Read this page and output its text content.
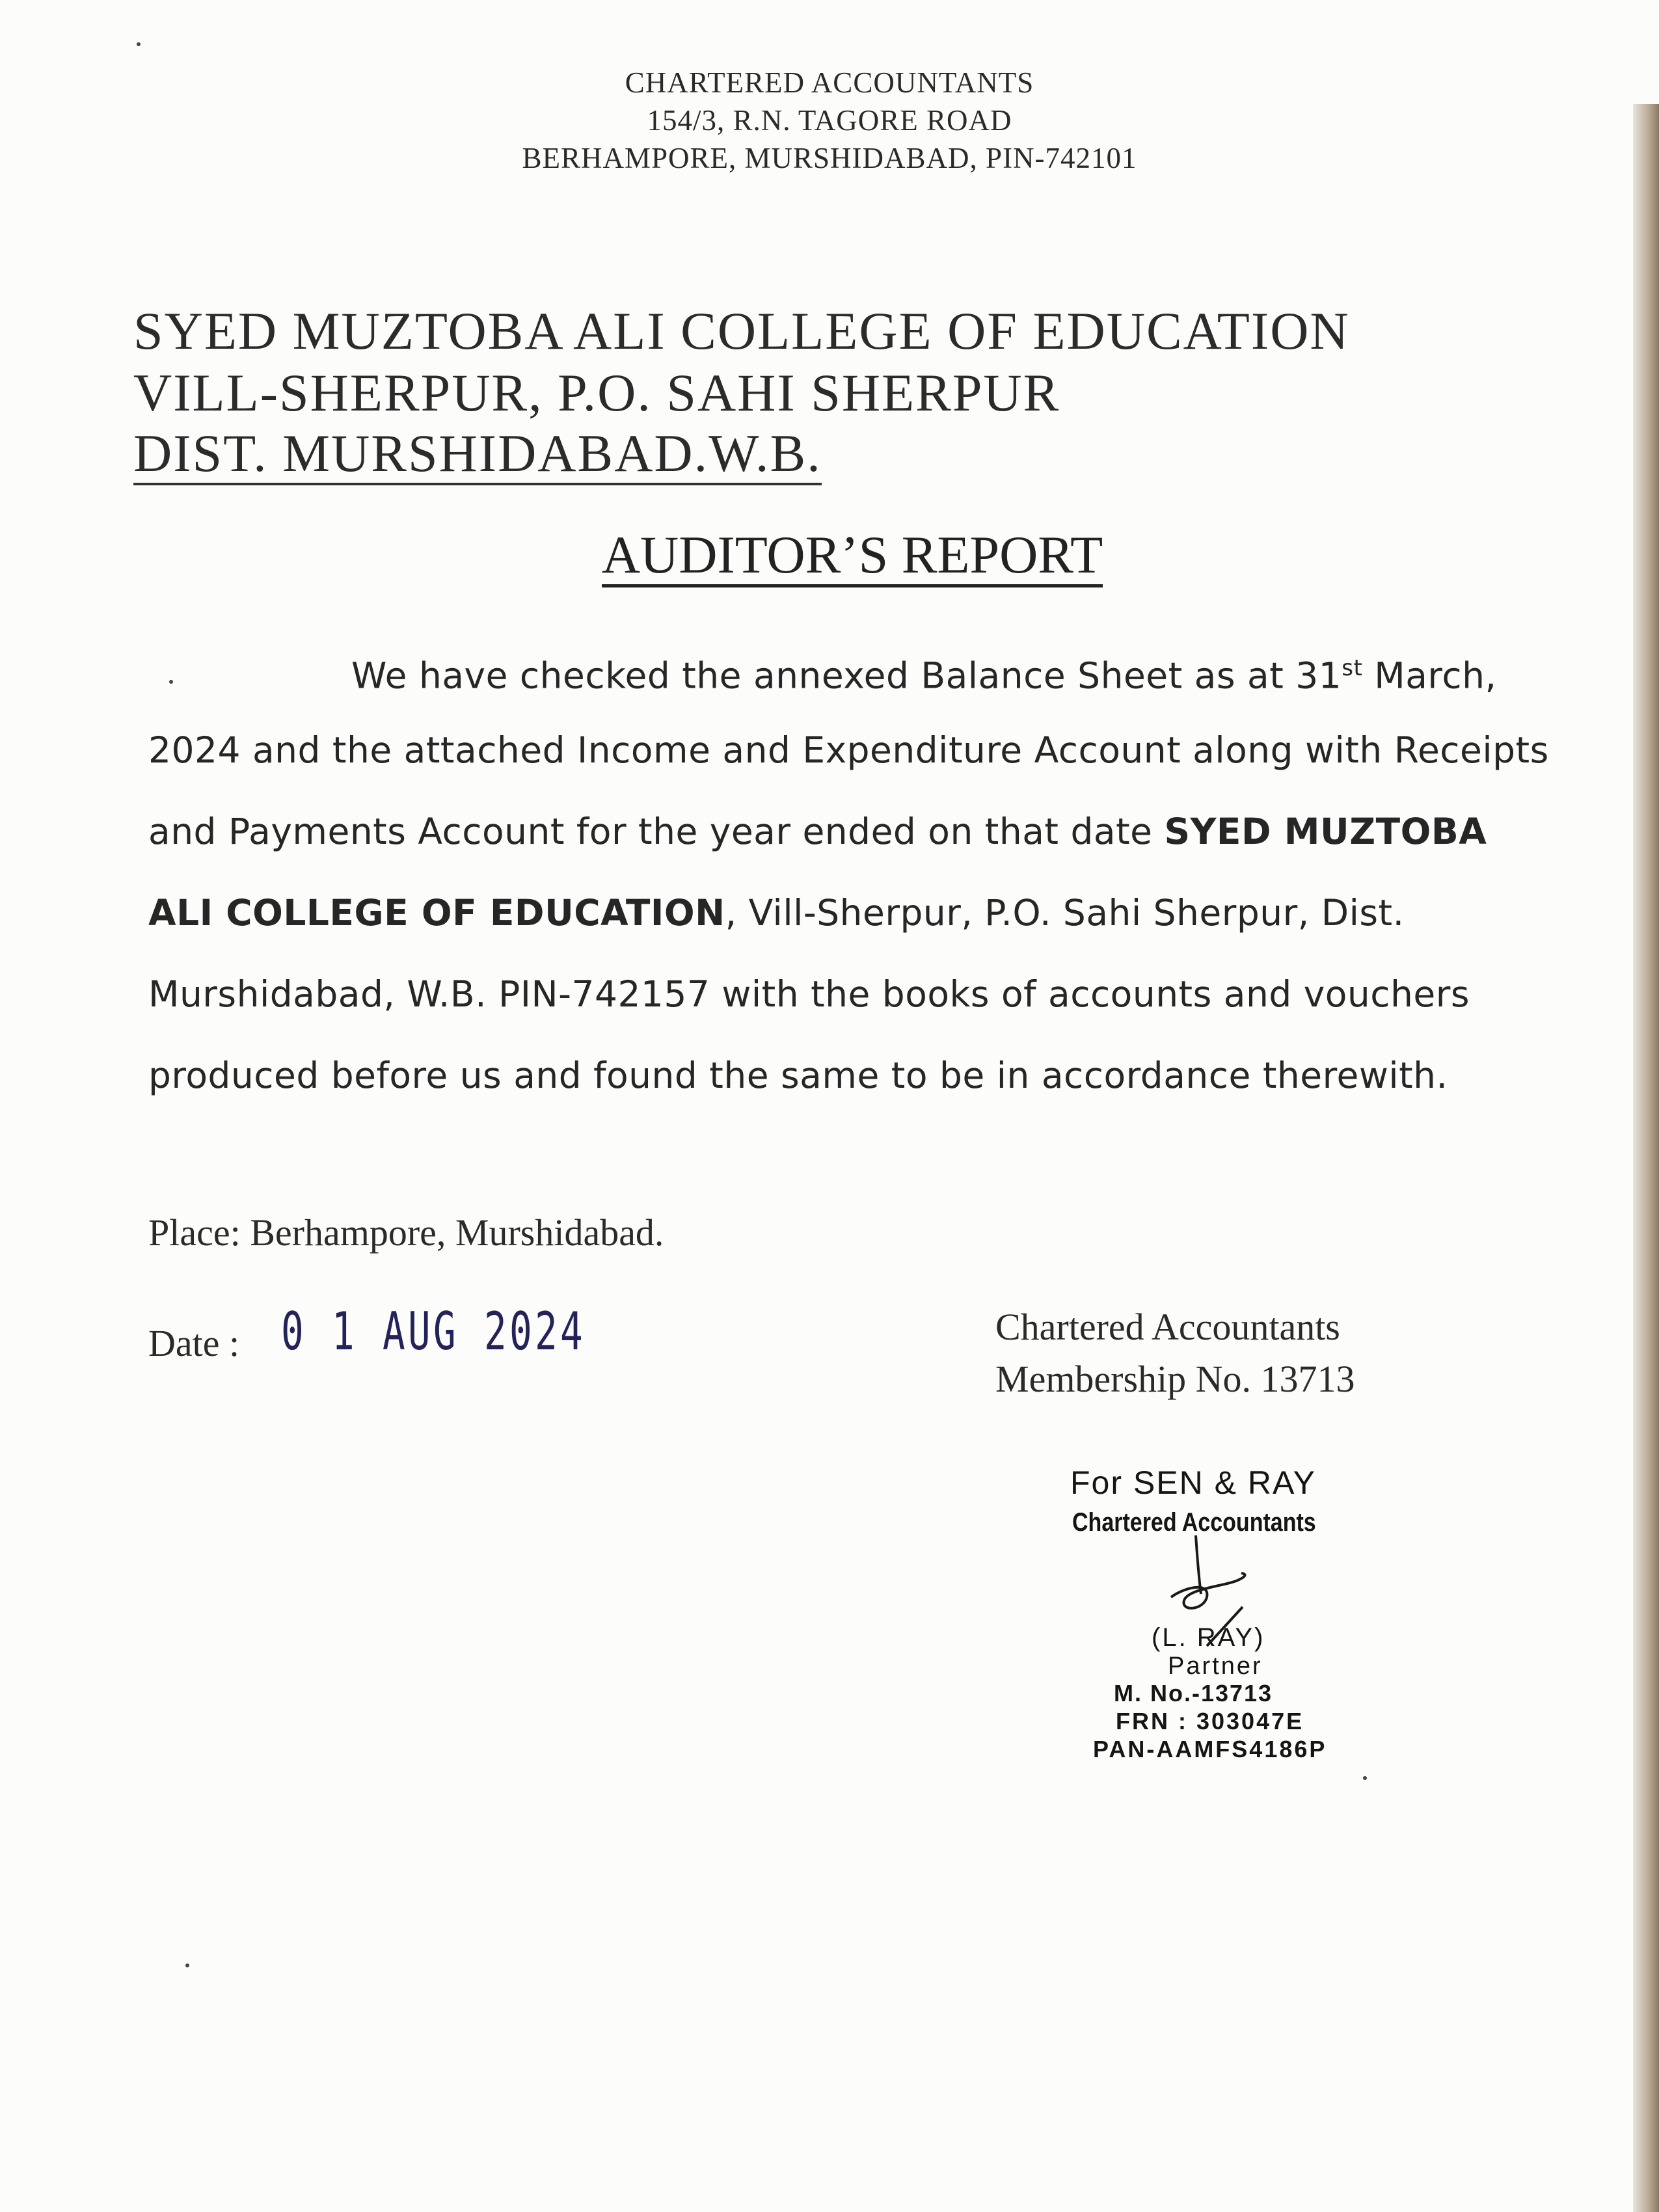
CHARTERED ACCOUNTANTS
154/3, R.N. TAGORE ROAD
BERHAMPORE, MURSHIDABAD, PIN-742101
SYED MUZTOBA ALI COLLEGE OF EDUCATION
VILL-SHERPUR, P.O. SAHI SHERPUR
DIST. MURSHIDABAD.W.B.
AUDITOR’S REPORT
We have checked the annexed Balance Sheet as at 31st March,
2024 and the attached Income and Expenditure Account along with Receipts
and Payments Account for the year ended on that date SYED MUZTOBA
ALI COLLEGE OF EDUCATION, Vill-Sherpur, P.O. Sahi Sherpur, Dist.
Murshidabad, W.B. PIN-742157 with the books of accounts and vouchers
produced before us and found the same to be in accordance therewith.
Place: Berhampore, Murshidabad.
Date : 0 1 AUG 2024	Chartered Accountants
Membership No. 13713
For SEN & RAY
Chartered Accountants
(L. RAY)
Partner
M. No.-13713
FRN : 303047E
PAN-AAMFS4186P
